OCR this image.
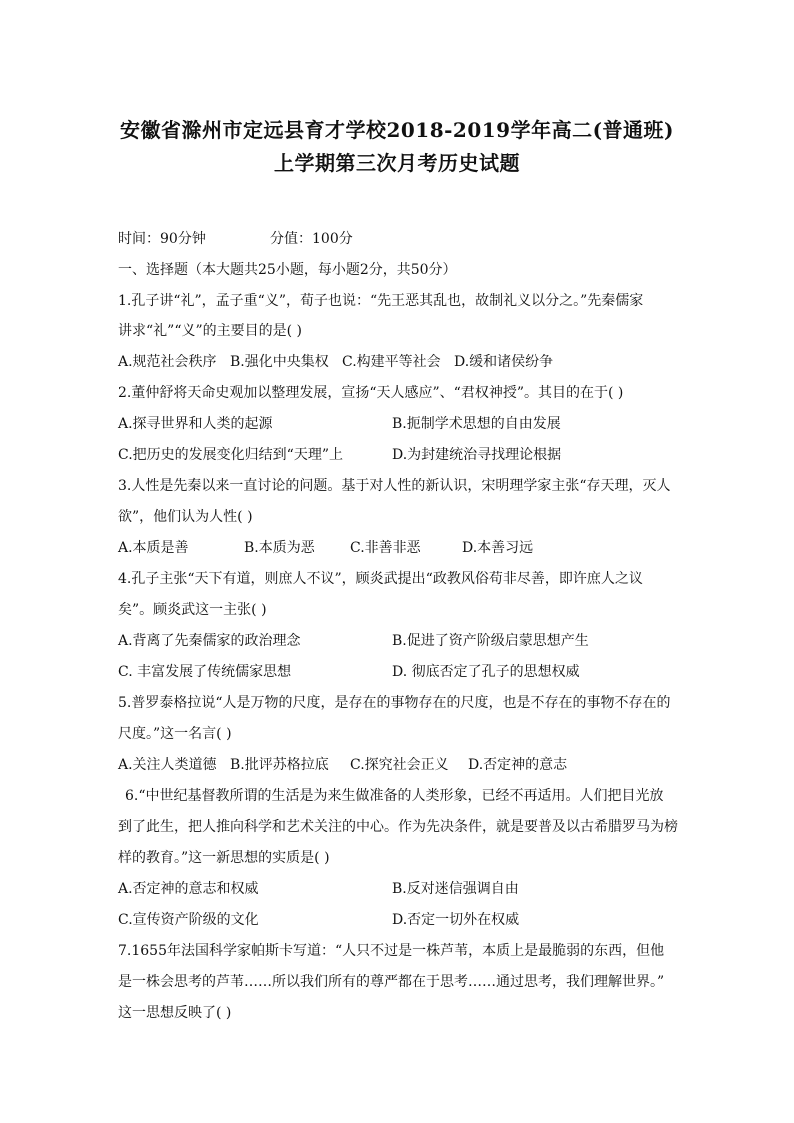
安徽省滁州市定远县育才学校2018-2019学年高二(普通班)
上学期第三次月考历史试题
时间：90分钟	分值：100分
一、选择题（本大题共25小题，每小题2分，共50分）
1.孔子讲“礼”，孟子重“义”，荀子也说：“先王恶其乱也，故制礼义以分之。”先秦儒家
讲求“礼”“义”的主要目的是( )
A.规范社会秩序 B.强化中央集权 C.构建平等社会 D.缓和诸侯纷争
2.董仲舒将天命史观加以整理发展，宣扬“天人感应”、“君权神授”。其目的在于( )
A.探寻世界和人类的起源	B.扼制学术思想的自由发展
C.把历史的发展变化归结到“天理”上	D.为封建统治寻找理论根据
3.人性是先秦以来一直讨论的问题。基于对人性的新认识，宋明理学家主张“存天理，灭人
欲”，他们认为人性( )
A.本质是善	B.本质为恶	C.非善非恶	D.本善习远
4.孔子主张“天下有道，则庶人不议”，顾炎武提出“政教风俗苟非尽善，即许庶人之议
矣”。顾炎武这一主张( )
A.背离了先秦儒家的政治理念	B.促进了资产阶级启蒙思想产生
C. 丰富发展了传统儒家思想	D. 彻底否定了孔子的思想权威
5.普罗泰格拉说“人是万物的尺度，是存在的事物存在的尺度，也是不存在的事物不存在的
尺度。”这一名言( )
A.关注人类道德 B.批评苏格拉底 C.探究社会正义 D.否定神的意志
6.“中世纪基督教所谓的生活是为来生做准备的人类形象，已经不再适用。人们把目光放
到了此生，把人推向科学和艺术关注的中心。作为先决条件，就是要普及以古希腊罗马为榜
样的教育。”这一新思想的实质是( )
A.否定神的意志和权威	B.反对迷信强调自由
C.宣传资产阶级的文化	D.否定一切外在权威
7.1655年法国科学家帕斯卡写道：“人只不过是一株芦苇，本质上是最脆弱的东西，但他
是一株会思考的芦苇……所以我们所有的尊严都在于思考……通过思考，我们理解世界。”
这一思想反映了( )
